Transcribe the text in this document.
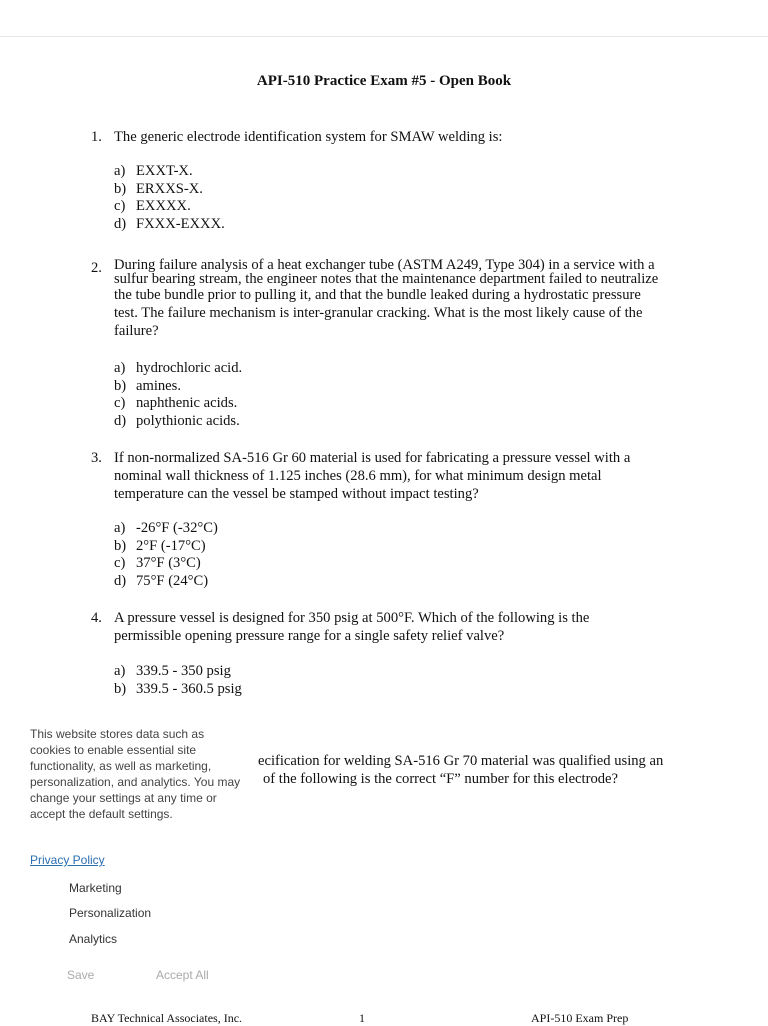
API-510 Practice Exam #5 - Open Book
1. The generic electrode identification system for SMAW welding is:
a) EXXT-X.
b) ERXXS-X.
c) EXXXX.
d) FXXX-EXXX.
2. During failure analysis of a heat exchanger tube (ASTM A249, Type 304) in a service with a
sulfur bearing stream, the engineer notes that the maintenance department failed to neutralize
the tube bundle prior to pulling it, and that the bundle leaked during a hydrostatic pressure
test. The failure mechanism is inter-granular cracking. What is the most likely cause of the
failure?
a) hydrochloric acid.
b) amines.
c) naphthenic acids.
d) polythionic acids.
3. If non-normalized SA-516 Gr 60 material is used for fabricating a pressure vessel with a
nominal wall thickness of 1.125 inches (28.6 mm), for what minimum design metal
temperature can the vessel be stamped without impact testing?
a) -26°F (-32°C)
b) 2°F (-17°C)
c) 37°F (3°C)
d) 75°F (24°C)
4. A pressure vessel is designed for 350 psig at 500°F. Which of the following is the
permissible opening pressure range for a single safety relief valve?
a) 339.5 - 350 psig
b) 339.5 - 360.5 psig
ecification for welding SA-516 Gr 70 material was qualified using an
of the following is the correct “F” number for this electrode?
BAY Technical Associates, Inc.	1	API-510 Exam Prep
This website stores data such as cookies to enable essential site functionality, as well as marketing, personalization, and analytics. You may change your settings at any time or accept the default settings.
Privacy Policy
Marketing
Personalization
Analytics
Save	Accept All
